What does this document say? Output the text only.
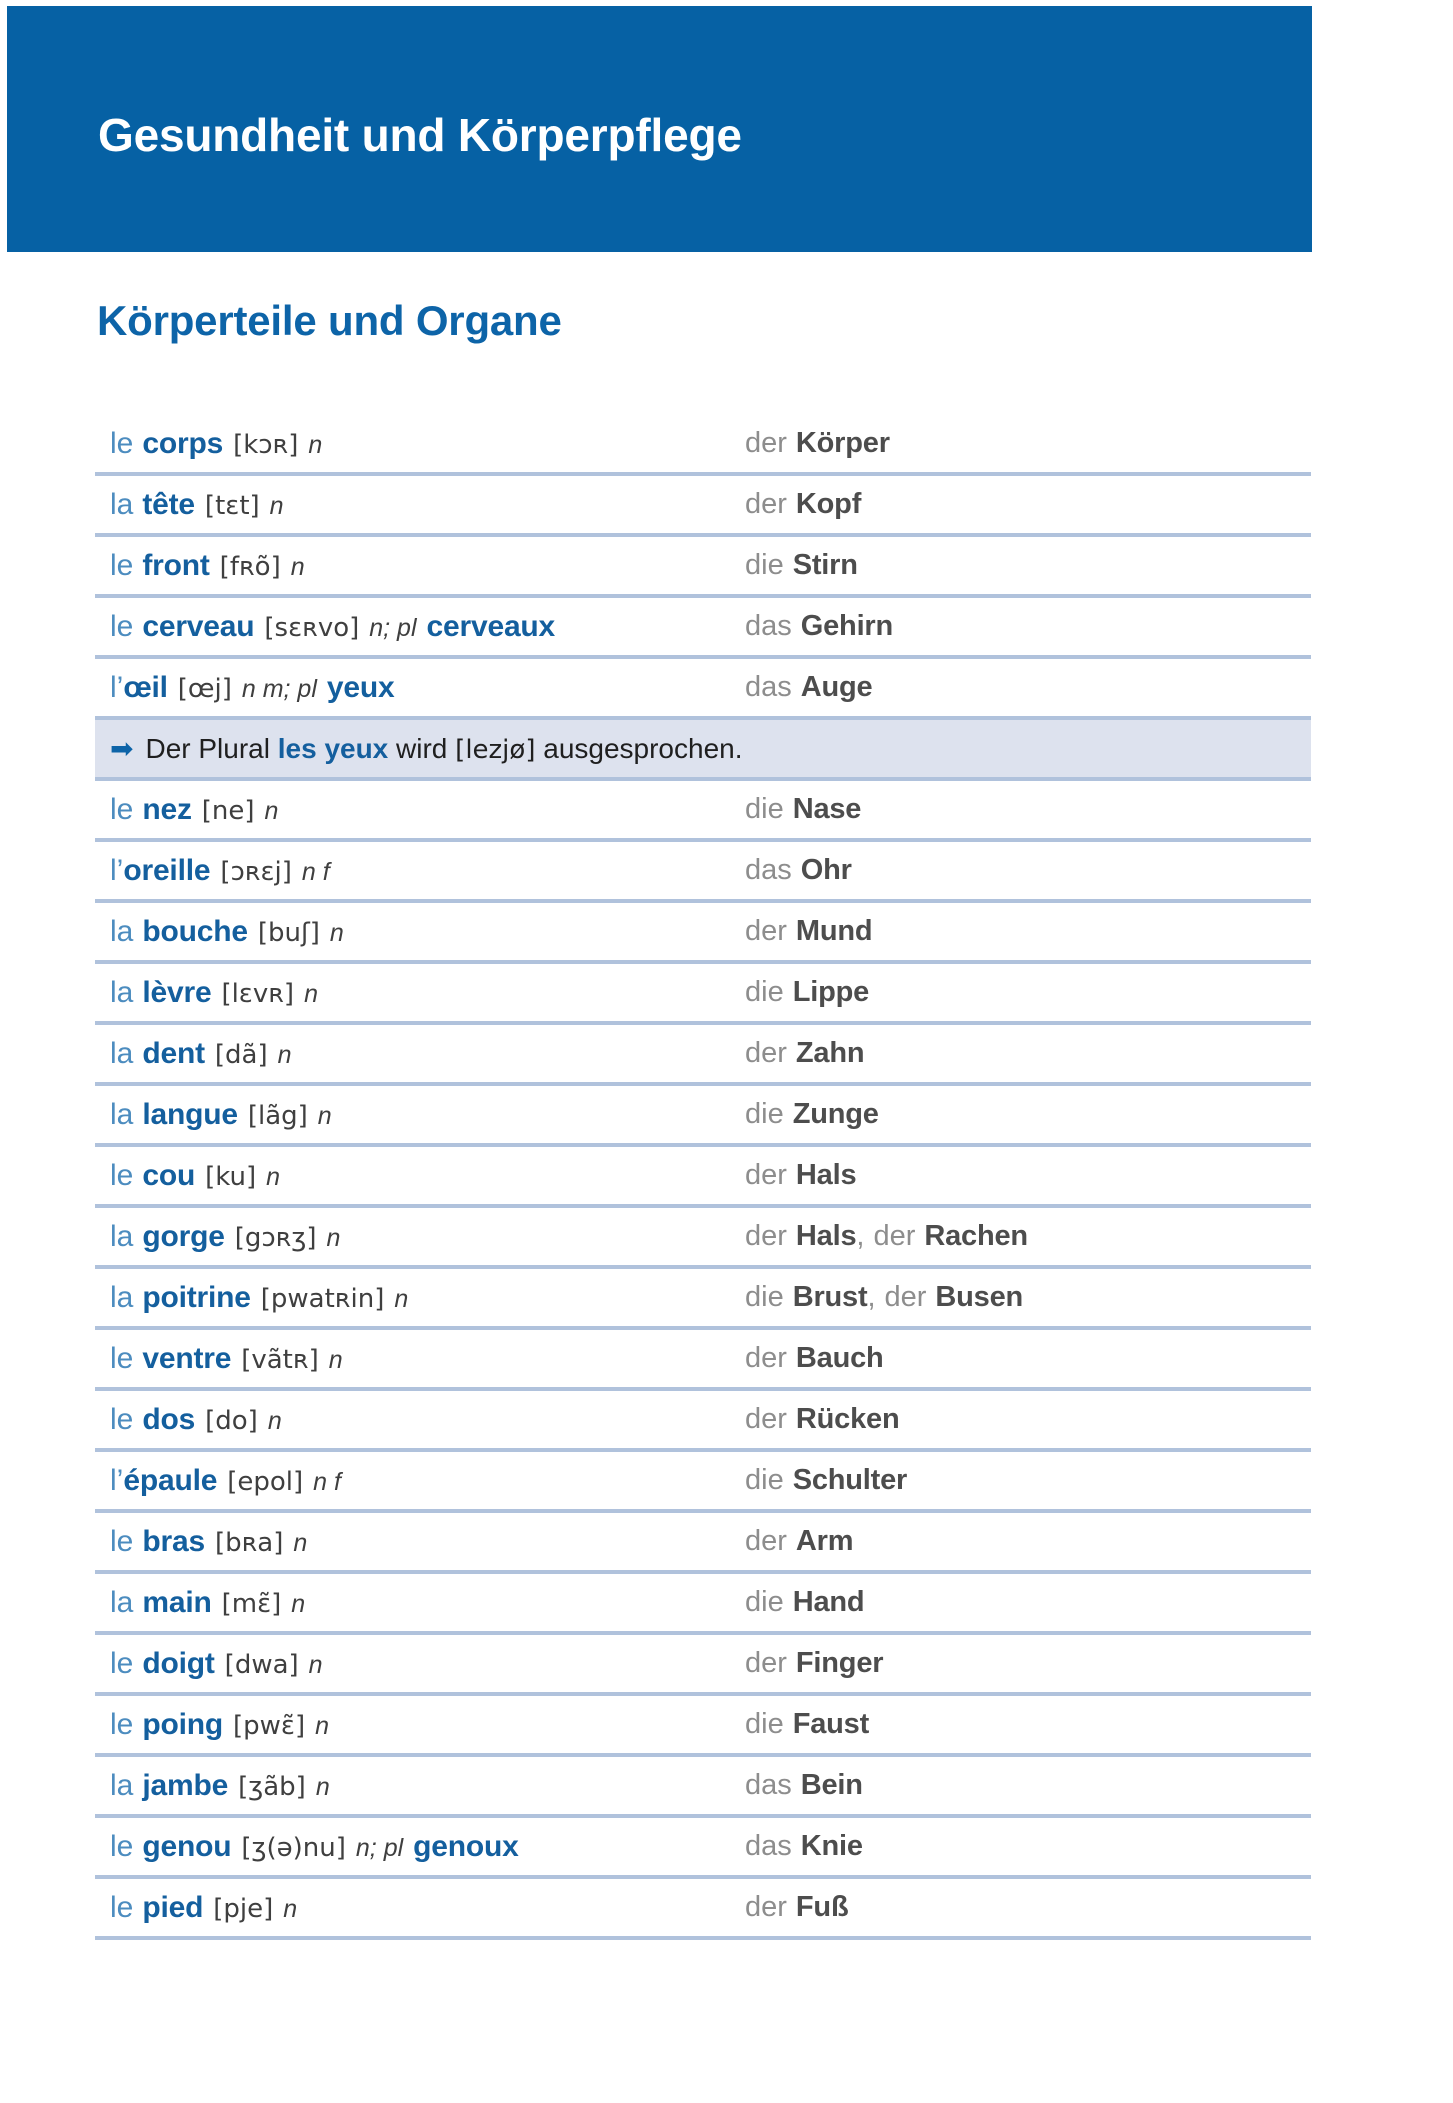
Gesundheit und Körperpflege
Körperteile und Organe
le corps [kɔʀ] n	der Körper
la tête [tɛt] n	der Kopf
le front [fʀõ] n	die Stirn
le cerveau [sɛʀvo] n; pl cerveaux	das Gehirn
l’ œil [œj] n m; pl yeux	das Auge
➡ Der Plural les yeux wird [lezjø] ausgesprochen.
le nez [ne] n	die Nase
l’ oreille [ɔʀɛj] n f	das Ohr
la bouche [buʃ] n	der Mund
la lèvre [lɛvʀ] n	die Lippe
la dent [dã] n	der Zahn
la langue [lãg] n	die Zunge
le cou [ku] n	der Hals
la gorge [gɔʀʒ] n	der Hals , der Rachen
la poitrine [pwatʀin] n	die Brust , der Busen
le ventre [vãtʀ] n	der Bauch
le dos [do] n	der Rücken
l’ épaule [epol] n f	die Schulter
le bras [bʀa] n	der Arm
la main [mɛ̃] n	die Hand
le doigt [dwa] n	der Finger
le poing [pwɛ̃] n	die Faust
la jambe [ʒãb] n	das Bein
le genou [ʒ(ə)nu] n; pl genoux	das Knie
le pied [pje] n	der Fuß
